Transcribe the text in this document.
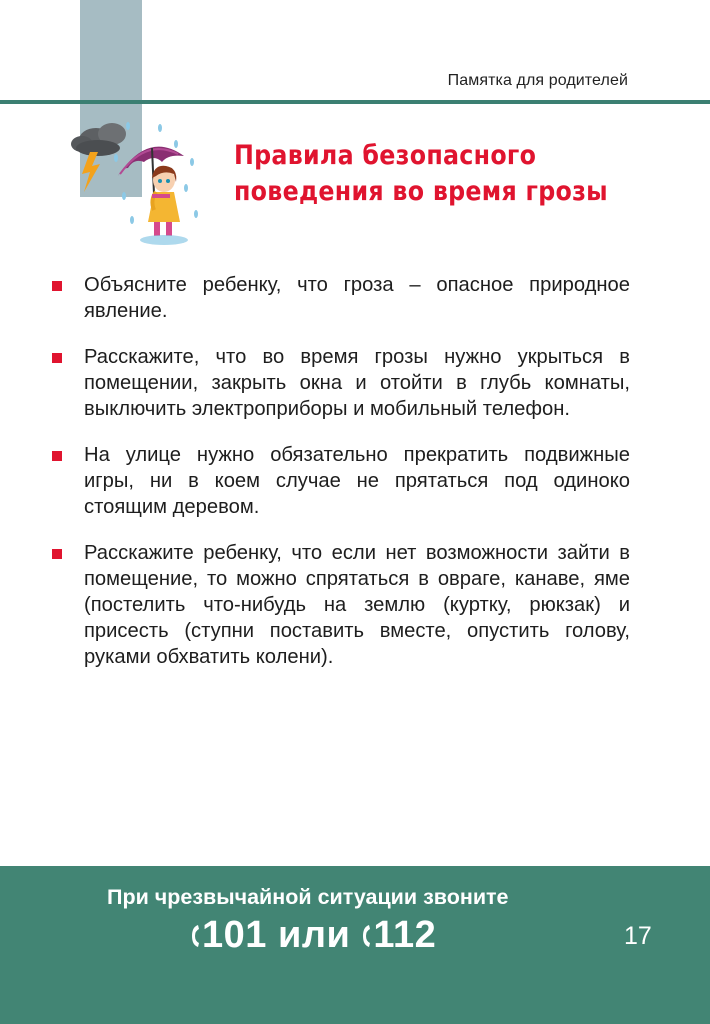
Памятка для родителей
Правила безопасного
поведения во время грозы
Объясните ребенку, что гроза – опасное природное явление.
Расскажите, что во время грозы нужно укрыться в помещении, закрыть окна и отойти в глубь комнаты, выключить электроприборы и мобильный телефон.
На улице нужно обязательно прекратить подвижные игры, ни в коем случае не прятаться под одиноко стоящим деревом.
Расскажите ребенку, что если нет возможности зайти в помещение, то можно спрятаться в овраге, канаве, яме (постелить что-нибудь на землю (куртку, рюкзак) и присесть (ступни поставить вместе, опустить голову, руками обхватить колени).
При чрезвычайной ситуации звоните
101 или 112	17
